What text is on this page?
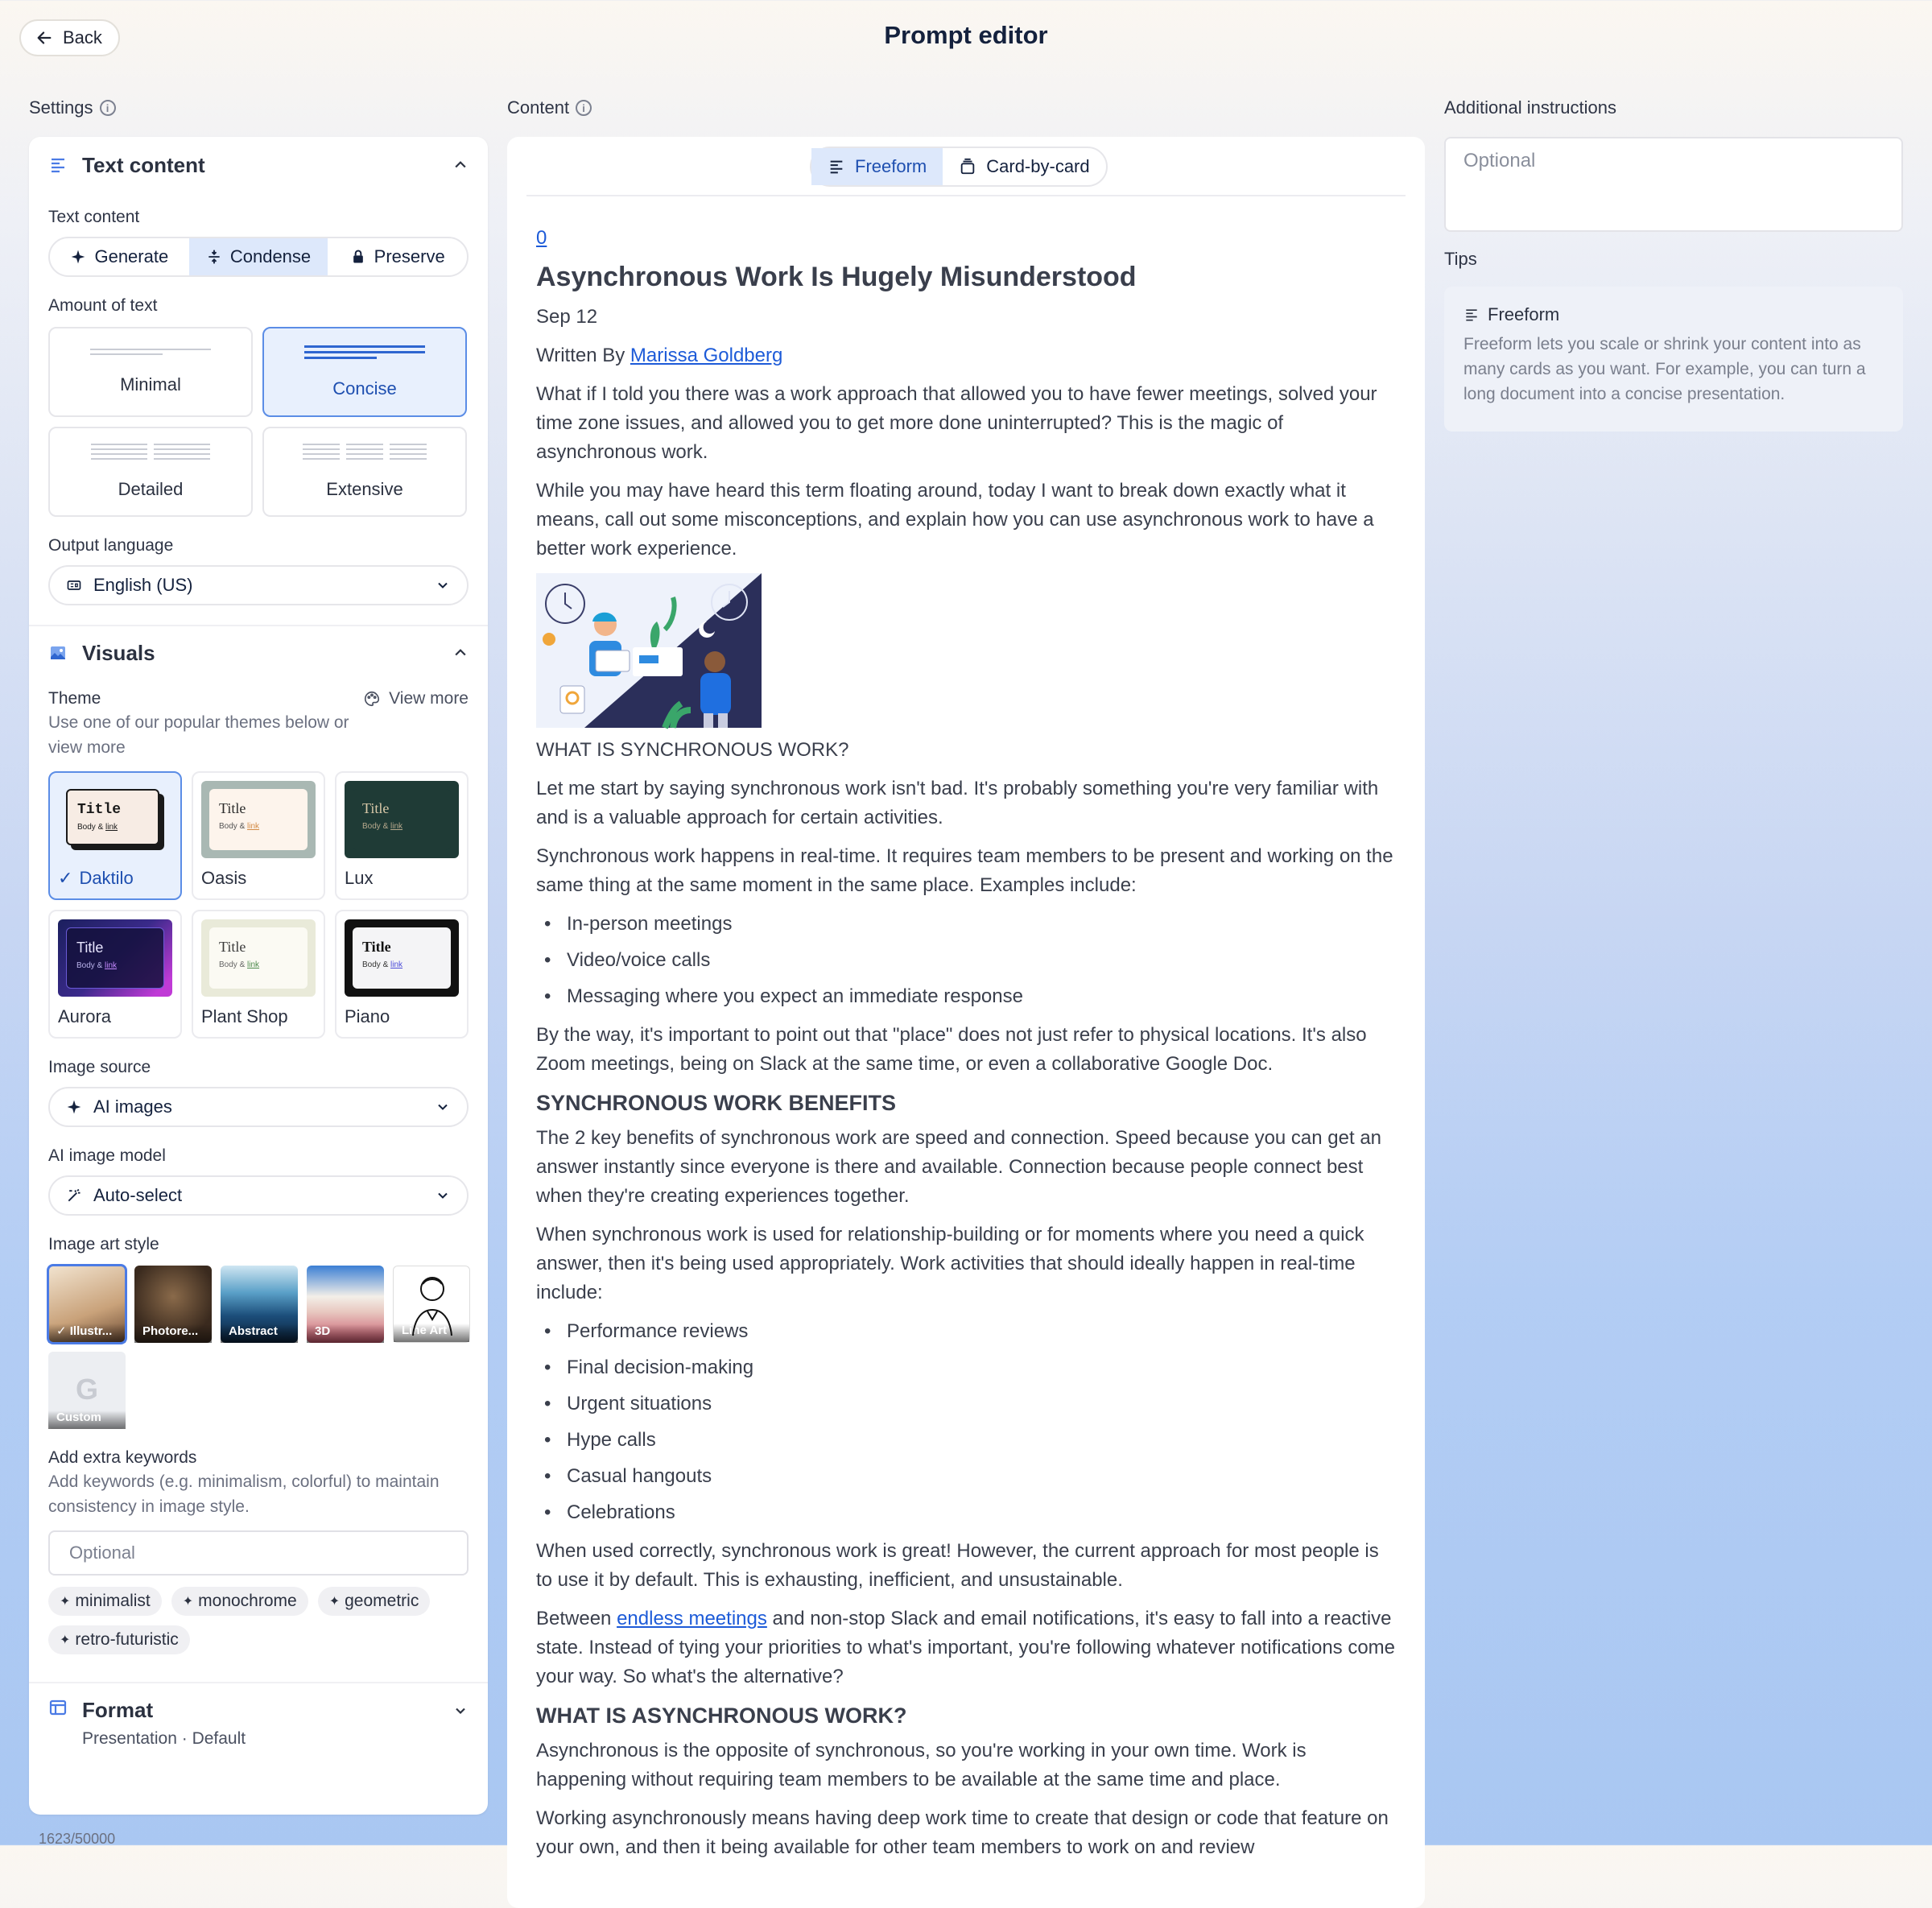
Back	Prompt editor
Settings	i	Content	i	Additional instructions
Tips
Text content
Text content
Generate	Condense	Preserve
Amount of text
Minimal	Concise
Detailed	Extensive
Output language
English (US)
Visuals
Theme
Use one of our popular themes below or view more
View more
Title
Body & link
✓ Daktilo
Title
Body & link
Oasis
Title
Body & link
Lux
Title
Body & link
Aurora
Title
Body & link
Plant Shop
Title
Body & link
Piano
Image source
AI images
AI image model
Auto-select
Image art style
✓ Illustr...	Photore...	Abstract	3D	Line Art
G
Custom
Add extra keywords
Add keywords (e.g. minimalism, colorful) to maintain consistency in image style.
Optional
✦ minimalist	✦ monochrome	✦ geometric
✦ retro-futuristic
Format
Presentation · Default
1623/50000
Freeform	Card-by-card
0
Asynchronous Work Is Hugely Misunderstood
Sep 12
Written By Marissa Goldberg

What if I told you there was a work approach that allowed you to have fewer meetings, solved your time zone issues, and allowed you to get more done uninterrupted? This is the magic of asynchronous work.

While you may have heard this term floating around, today I want to break down exactly what it means, call out some misconceptions, and explain how you can use asynchronous work to have a better work experience.

WHAT IS SYNCHRONOUS WORK?

Let me start by saying synchronous work isn't bad. It's probably something you're very familiar with and is a valuable approach for certain activities.

Synchronous work happens in real-time. It requires team members to be present and working on the same thing at the same moment in the same place. Examples include:

• In-person meetings
• Video/voice calls
• Messaging where you expect an immediate response

By the way, it's important to point out that "place" does not just refer to physical locations. It's also Zoom meetings, being on Slack at the same time, or even a collaborative Google Doc.

SYNCHRONOUS WORK BENEFITS

The 2 key benefits of synchronous work are speed and connection. Speed because you can get an answer instantly since everyone is there and available. Connection because people connect best when they're creating experiences together.

When synchronous work is used for relationship-building or for moments where you need a quick answer, then it's being used appropriately. Work activities that should ideally happen in real-time include:

• Performance reviews
• Final decision-making
• Urgent situations
• Hype calls
• Casual hangouts
• Celebrations

When used correctly, synchronous work is great! However, the current approach for most people is to use it by default. This is exhausting, inefficient, and unsustainable.

Between endless meetings and non-stop Slack and email notifications, it's easy to fall into a reactive state. Instead of tying your priorities to what's important, you're following whatever notifications come your way. So what's the alternative?

WHAT IS ASYNCHRONOUS WORK?

Asynchronous is the opposite of synchronous, so you're working in your own time. Work is happening without requiring team members to be available at the same time and place.

Working asynchronously means having deep work time to create that design or code that feature on your own, and then it being available for other team members to work on and review

Optional
Freeform
Freeform lets you scale or shrink your content into as many cards as you want. For example, you can turn a long document into a concise presentation.
